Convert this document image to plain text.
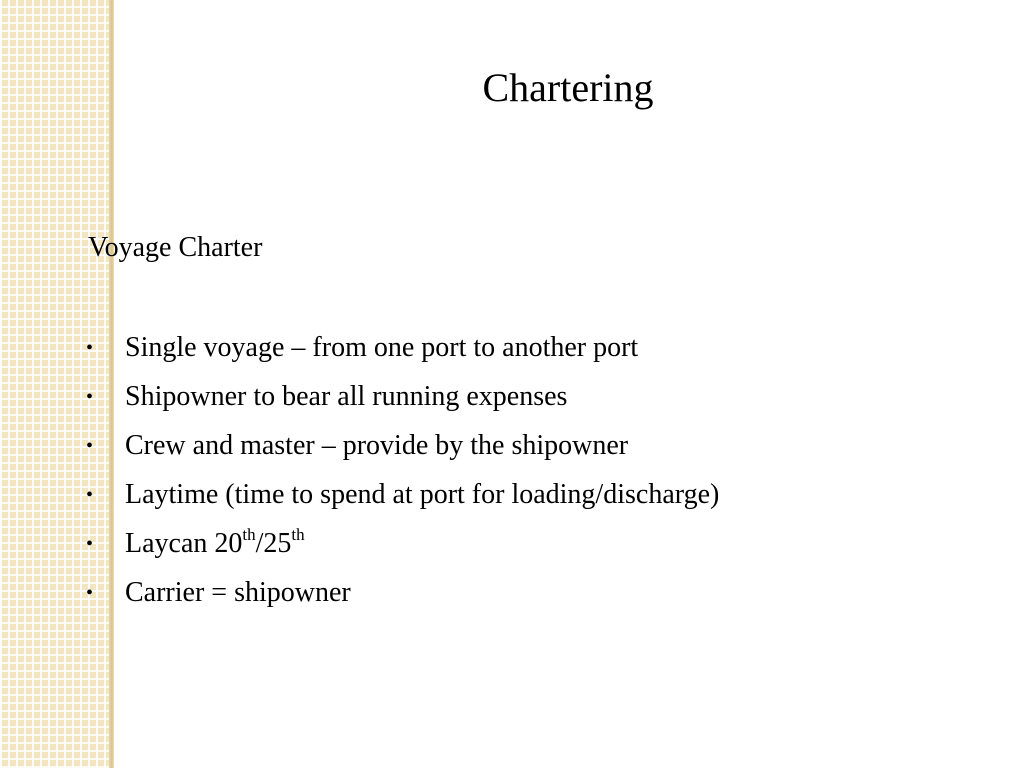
Chartering

Voyage Charter

• Single voyage – from one port to another port
• Shipowner to bear all running expenses
• Crew and master – provide by the shipowner
• Laytime (time to spend at port for loading/discharge)
• Laycan 20th/25th
• Carrier = shipowner
